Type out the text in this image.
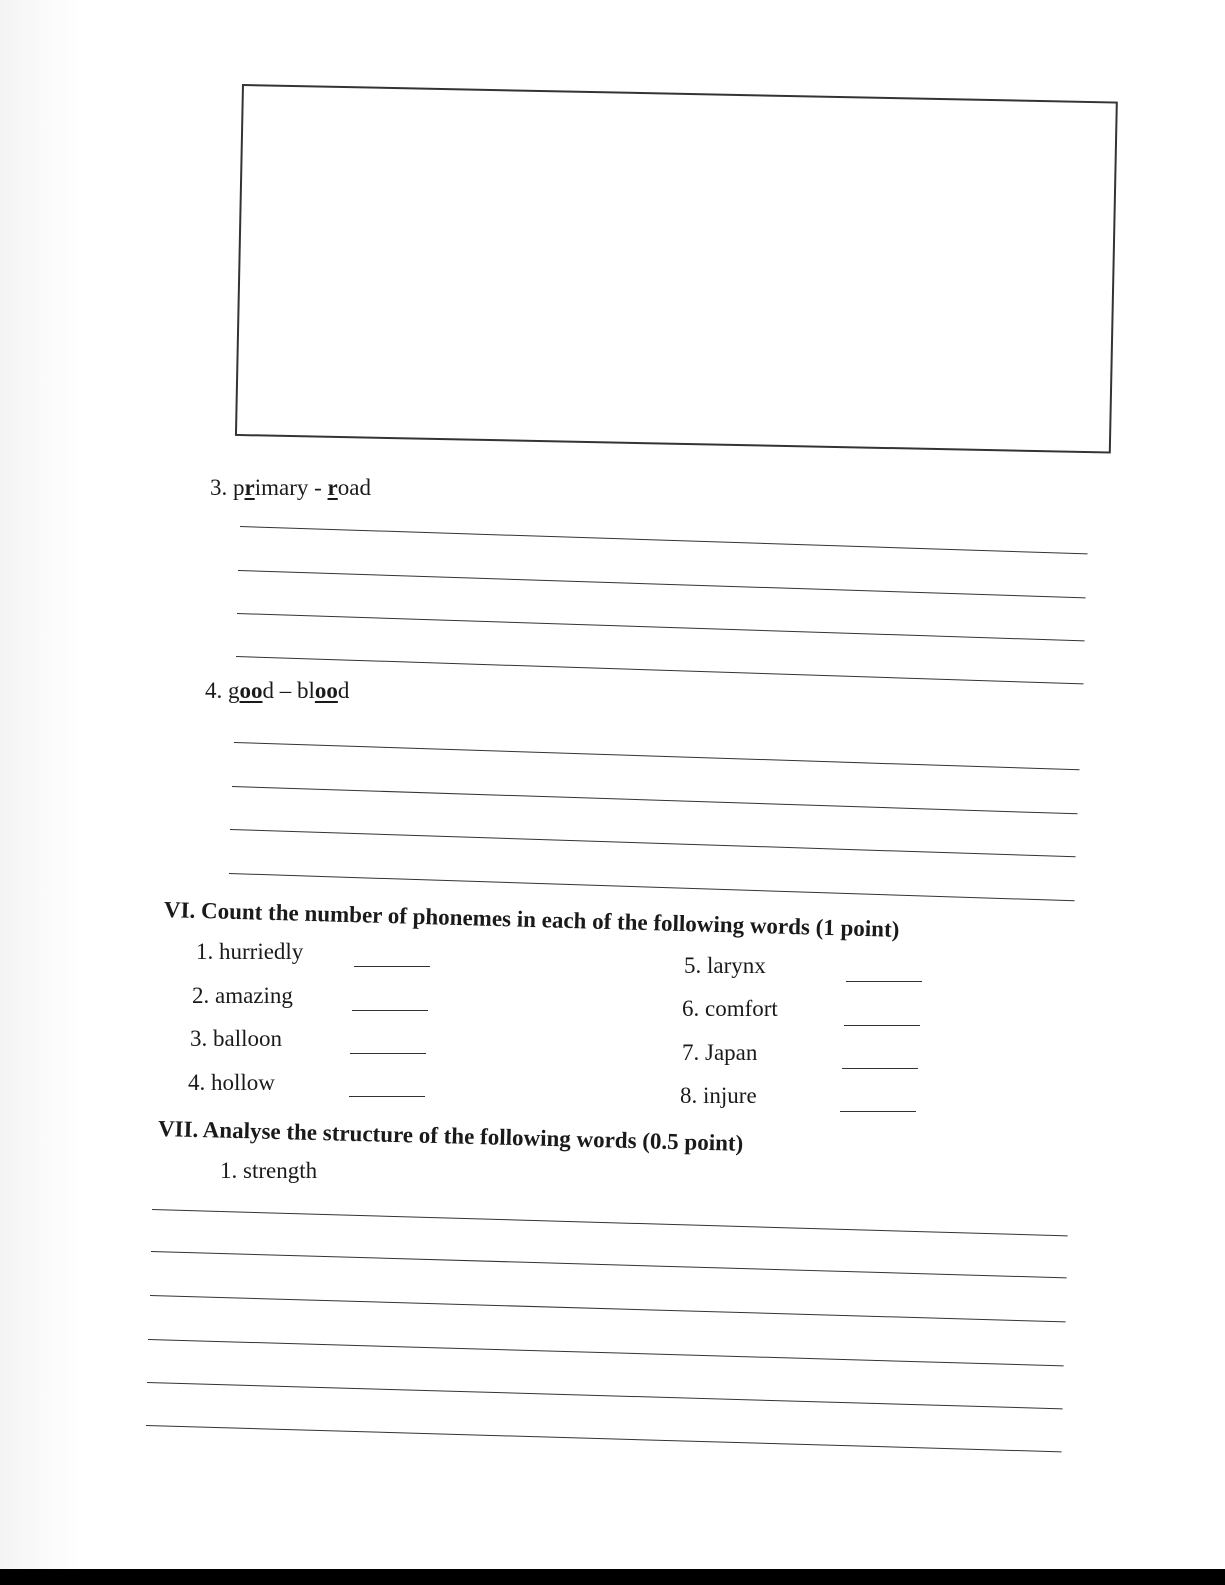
3. primary - road
4. good – blood
VI. Count the number of phonemes in each of the following words (1 point)
1. hurriedly
2. amazing
3. balloon
4. hollow
5. larynx
6. comfort
7. Japan
8. injure
VII. Analyse the structure of the following words (0.5 point)
1. strength
